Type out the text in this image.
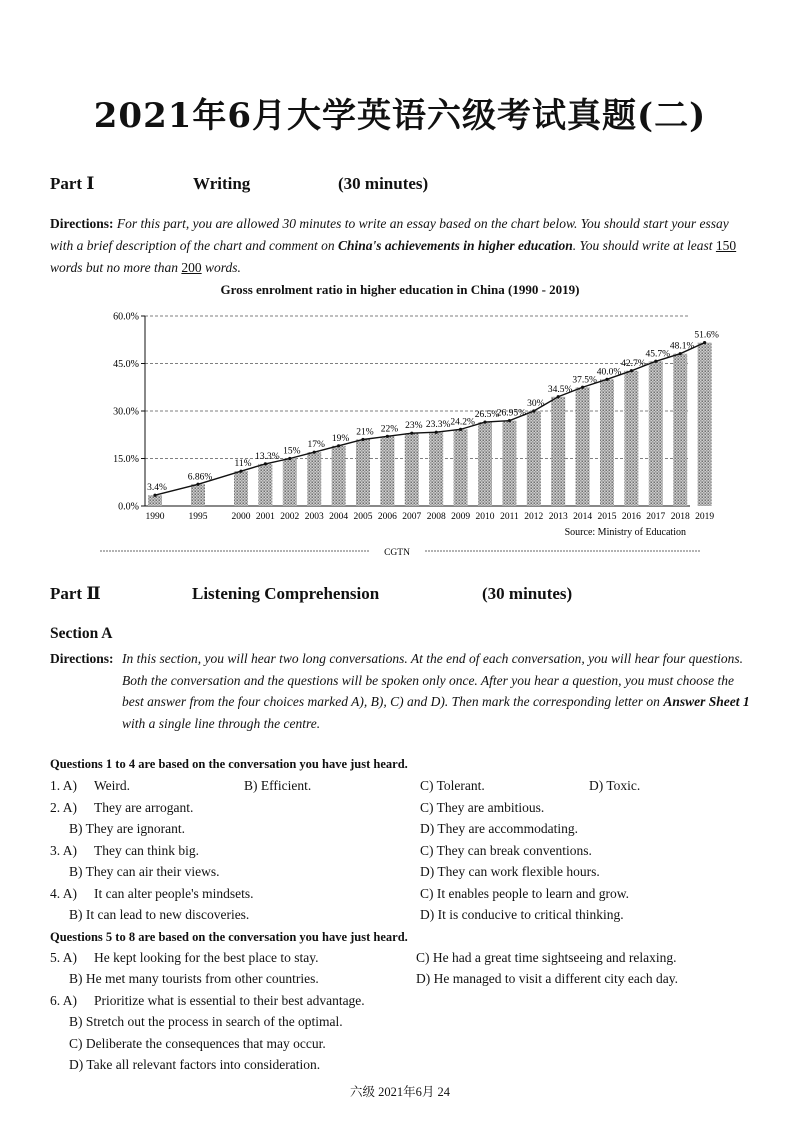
2021年6月大学英语六级考试真题(二)
Part Ⅰ	Writing	(30 minutes)
Directions: For this part, you are allowed 30 minutes to write an essay based on the chart below. You should start your essay with a brief description of the chart and comment on China's achievements in higher education. You should write at least 150 words but no more than 200 words.
Gross enrolment ratio in higher education in China (1990 - 2019)
0.0%
15.0%
30.0%
45.0%
60.0%
3.4%
6.86%
11%
13.3%
15%
17%
19%
21% 22% 23% 23.3% 24.2%
26.5%
26.95%
30%
34.5%
37.5%
40.0%
42.7%
45.7%
48.1%
51.6%
1990	1995	2000 2001 2002 2003 2004 2005 2006 2007 2008 2009 2010 2011 2012 2013 2014 2015 2016 2017 2018 2019
Source: Ministry of Education
CGTN
Part Ⅱ	Listening Comprehension	(30 minutes)
Section A
Directions: In this section, you will hear two long conversations. At the end of each conversation, you will hear four questions. Both the conversation and the questions will be spoken only once. After you hear a question, you must choose the best answer from the four choices marked A), B), C) and D). Then mark the corresponding letter on Answer Sheet 1 with a single line through the centre.
Questions 1 to 4 are based on the conversation you have just heard.
1. A) Weird.	B) Efficient.	C) Tolerant.	D) Toxic.
2. A) They are arrogant.	C) They are ambitious.
B) They are ignorant.	D) They are accommodating.
3. A) They can think big.	C) They can break conventions.
B) They can air their views.	D) They can work flexible hours.
4. A) It can alter people's mindsets.	C) It enables people to learn and grow.
B) It can lead to new discoveries.	D) It is conducive to critical thinking.
Questions 5 to 8 are based on the conversation you have just heard.
5. A) He kept looking for the best place to stay.	C) He had a great time sightseeing and relaxing.
B) He met many tourists from other countries.	D) He managed to visit a different city each day.
6. A) Prioritize what is essential to their best advantage.
B) Stretch out the process in search of the optimal.
C) Deliberate the consequences that may occur.
D) Take all relevant factors into consideration.
六级 2021年6月 24
